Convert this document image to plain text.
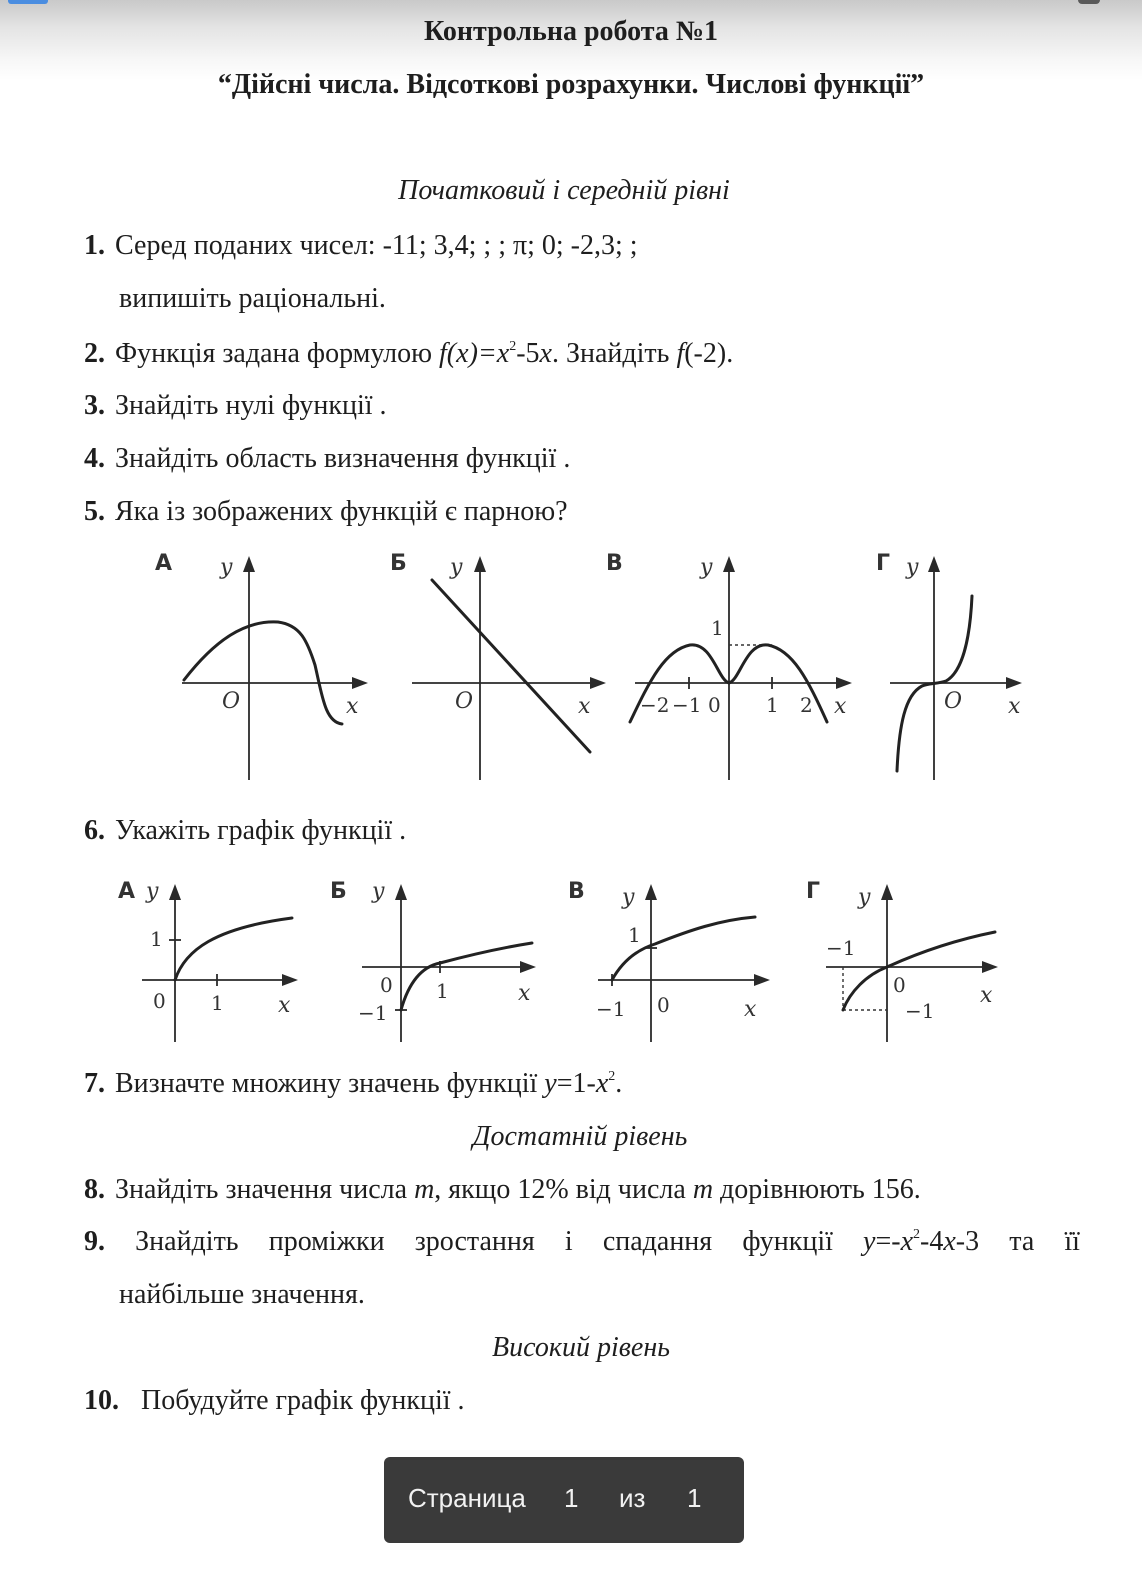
Контрольна робота №1
“Дійсні числа. Відсоткові розрахунки. Числові функції”
Початковий і середній рівні
1. Серед поданих чисел: -11; 3,4; ; ; π; 0; -2,3; ;
випишіть раціональні.
2. Функція задана формулою $f(x)=x^2-5x$. Знайдіть f(-2).
3. Знайдіть нулі функції .
4. Знайдіть область визначення функції .
5. Яка із зображених функцій є парною?
А y
x
O
Б y
x
O
В	y
x
1
−2 −1 0 1 2
Г y
x
O
6. Укажіть графік функції .
А y
1
0 1 x
Б y
0 1
−1
x
В y
1
−1 0	x
Г y
−1
0
−1
x
7. Визначте множину значень функції $y=1-x^2$.
Достатній рівень
8. Знайдіть значення числа m, якщо 12% від числа m дорівнюють 156.
9. Знайдіть проміжки зростання і спадання функції $y=-x^2-4x-3$ та її
найбільше значення.
Високий рівень
10. Побудуйте графік функції .
Страница 1 из 1
